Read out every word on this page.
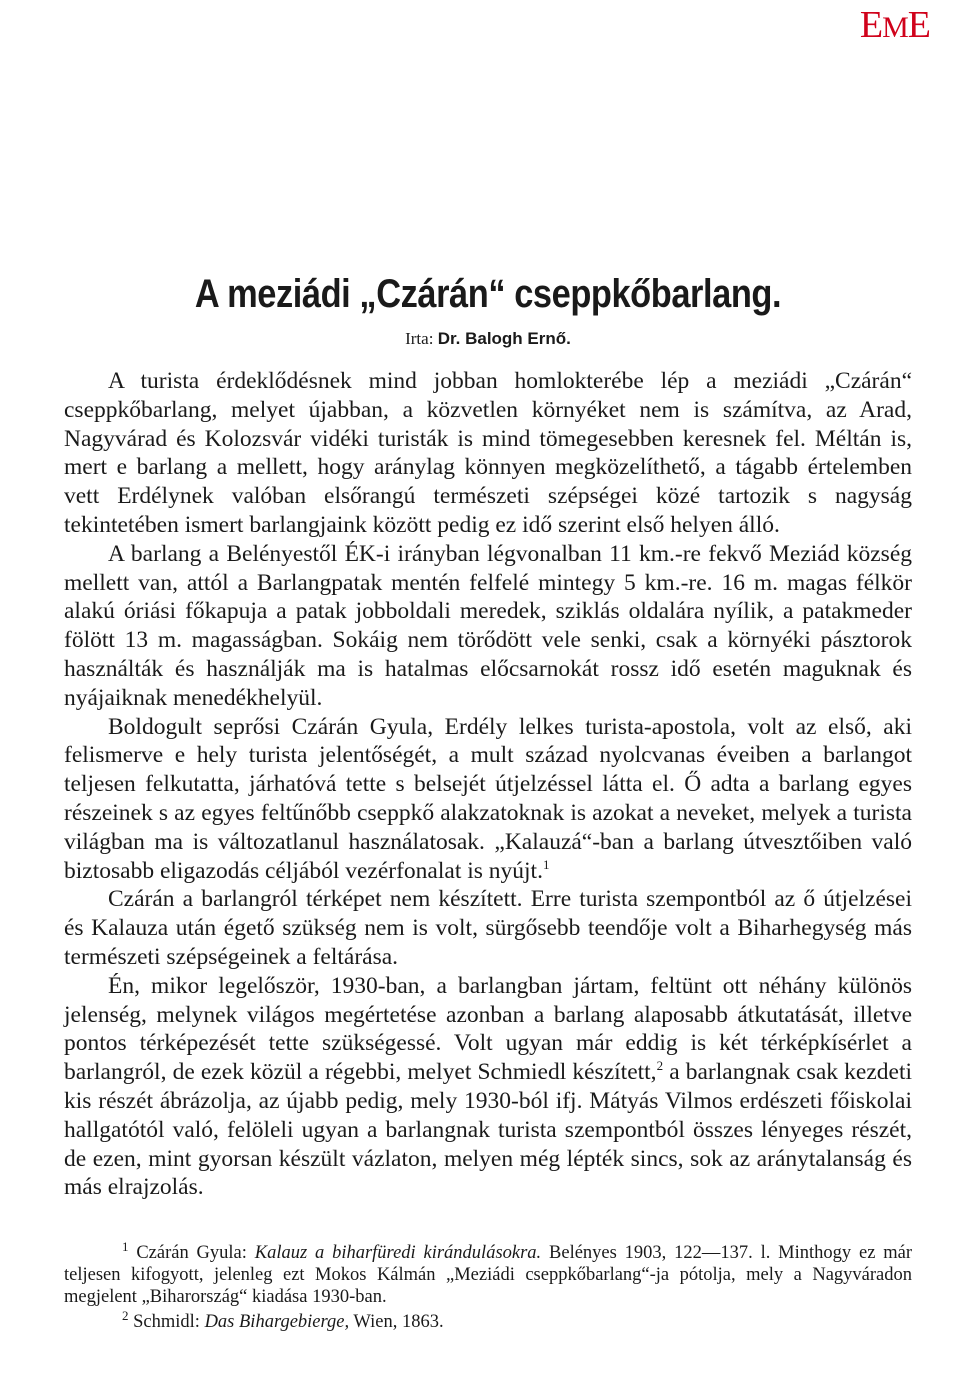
EME
A meziádi „Czárán“ cseppkőbarlang.
Irta: Dr. Balogh Ernő.

A turista érdeklődésnek mind jobban homlokterébe lép a meziádi „Czárán“ cseppkőbarlang, melyet újabban, a közvetlen környéket nem is számítva, az Arad, Nagyvárad és Kolozsvár vidéki turisták is mind tömegesebben keresnek fel. Méltán is, mert e barlang a mellett, hogy aránylag könnyen megközelíthető, a tágabb értelemben vett Erdélynek valóban elsőrangú természeti szépségei közé tartozik s nagyság tekintetében ismert barlangjaink között pedig ez idő szerint első helyen álló.

A barlang a Belényestől ÉK-i irányban légvonalban 11 km.-re fekvő Meziád község mellett van, attól a Barlangpatak mentén felfelé mintegy 5 km.-re. 16 m. magas félkör alakú óriási főkapuja a patak jobboldali meredek, sziklás oldalára nyílik, a patakmeder fölött 13 m. magasságban. Sokáig nem törődött vele senki, csak a környéki pásztorok használták és használják ma is hatalmas előcsarnokát rossz idő esetén maguknak és nyájaiknak menedékhelyül.

Boldogult seprősi Czárán Gyula, Erdély lelkes turista-apostola, volt az első, aki felismerve e hely turista jelentőségét, a mult század nyolcvanas éveiben a barlangot teljesen felkutatta, járhatóvá tette s belsejét útjelzéssel látta el. Ő adta a barlang egyes részeinek s az egyes feltűnőbb cseppkő alakzatoknak is azokat a neveket, melyek a turista világban ma is változatlanul használatosak. „Kalauzá“-ban a barlang útvesztőiben való biztosabb eligazodás céljából vezérfonalat is nyújt.$^1$

Czárán a barlangról térképet nem készített. Erre turista szempontból az ő útjelzései és Kalauza után égető szükség nem is volt, sürgősebb teendője volt a Biharhegység más természeti szépségeinek a feltárása.

Én, mikor legelőször, 1930-ban, a barlangban jártam, feltünt ott néhány különös jelenség, melynek világos megértetése azonban a barlang alaposabb átkutatását, illetve pontos térképezését tette szükségessé. Volt ugyan már eddig is két térképkísérlet a barlangról, de ezek közül a régebbi, melyet Schmiedl készített,$^2$ a barlangnak csak kezdeti kis részét ábrázolja, az újabb pedig, mely 1930-ból ifj. Mátyás Vilmos erdészeti főiskolai hallgatótól való, felöleli ugyan a barlangnak turista szempontból összes lényeges részét, de ezen, mint gyorsan készült vázlaton, melyen még lépték sincs, sok az aránytalanság és más elrajzolás.

$^1$ Czárán Gyula: Kalauz a biharfüredi kirándulásokra. Belényes 1903, 122—137. l. Minthogy ez már teljesen kifogyott, jelenleg ezt Mokos Kálmán „Meziádi cseppkőbarlang“-ja pótolja, mely a Nagyváradon megjelent „Biharország“ kiadása 1930-ban.

$^2$ Schmidl: Das Bihargebierge, Wien, 1863.
